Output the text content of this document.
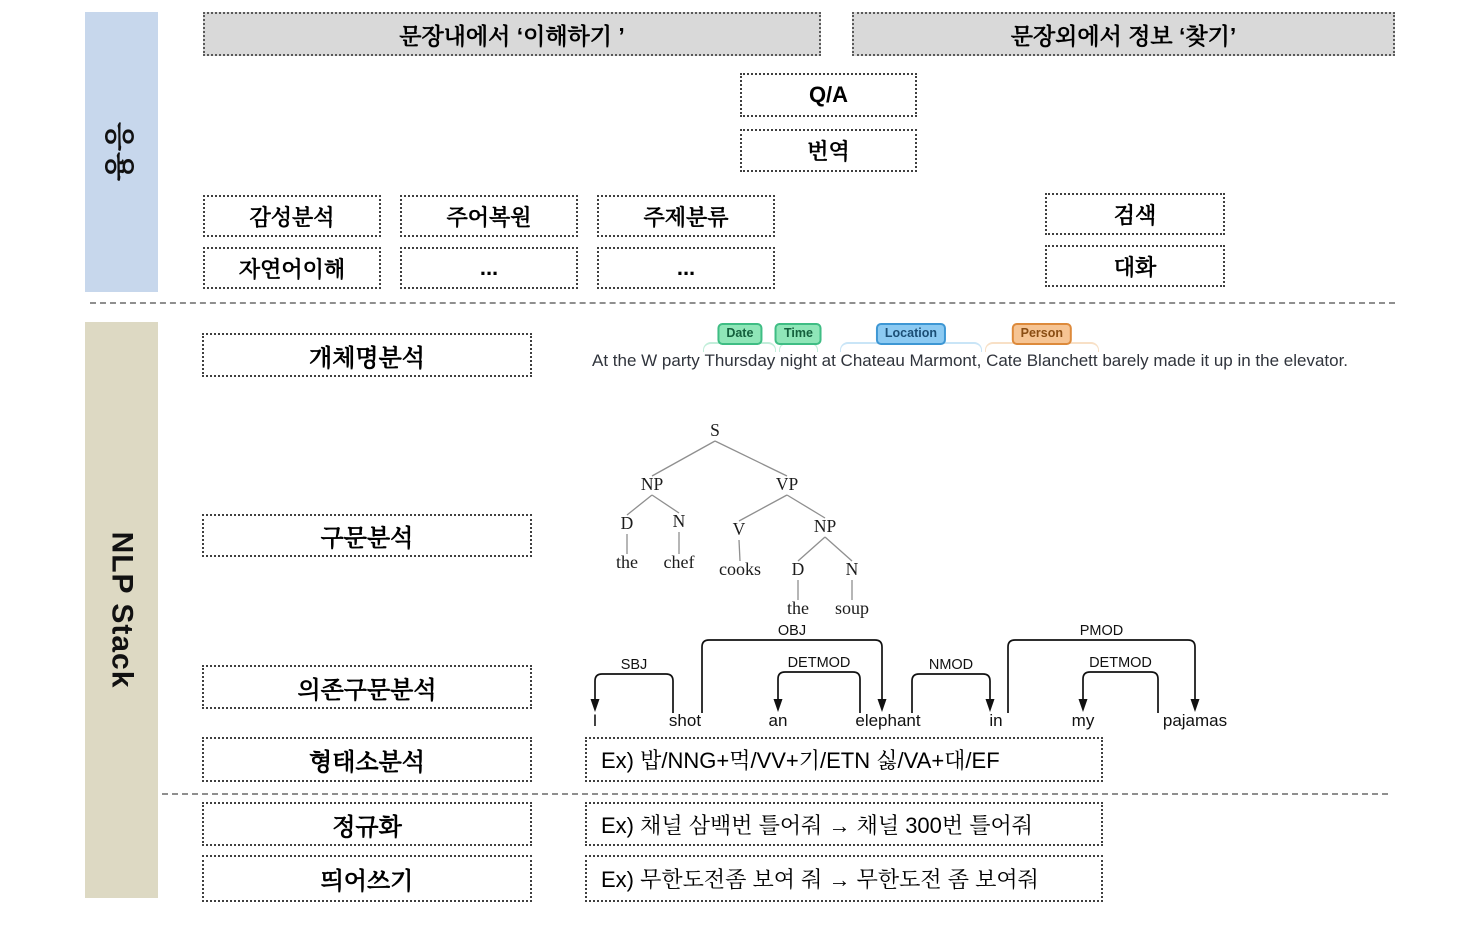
응용
문장내에서 ‘이해하기 ’	문장외에서 정보 ‘찾기’
Q/A
번역
감성분석	주어복원	주제분류	검색
자연어이해	...	...	대화
NLP Stack
개체명분석
구문분석
의존구문분석
형태소분석
정규화
띄어쓰기
At the W party
Date
Thursday
Time
night at
Location
Chateau Marmont,
Person
Cate Blanchett barely made it up in the elevator.
S
NP	VP
D N	V	NP
the chef cooks D N
the soup
SBJ
OBJ
DETMOD	NMOD
PMOD
DETMOD
I	shot	an	elephant	in	my	pajamas
Ex) 밥/NNG+먹/VV+기/ETN 싫/VA+대/EF
Ex) 채널 삼백번 틀어줘 → 채널 300번 틀어줘
Ex) 무한도전좀 보여 줘 → 무한도전 좀 보여줘
